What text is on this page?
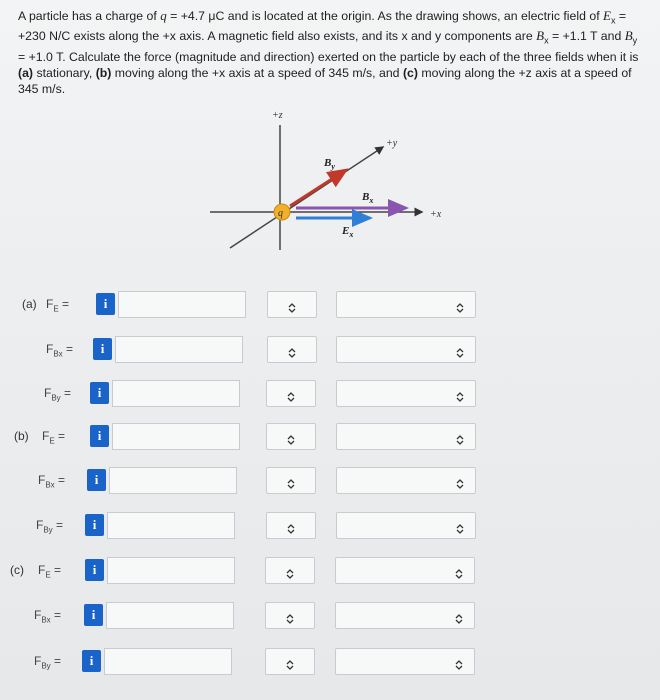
A particle has a charge of q = +4.7 μC and is located at the origin. As the drawing shows, an electric field of $E_x = +230$ N/C exists along the +x axis. A magnetic field also exists, and its x and y components are $B_x = +1.1$ T and $B_y = +1.0$ T. Calculate the force (magnitude and direction) exerted on the particle by each of the three fields when it is (a) stationary, (b) moving along the +x axis at a speed of 345 m/s, and (c) moving along the +z axis at a speed of 345 m/s.

q
+z
+y
+x
$B_y$
$B_x$
$E_x$
(a) $F_E$ =	i
$F_{Bx}$ =	i
$F_{By}$ =	i
(b) $F_E$ =	i
$F_{Bx}$ =	i
$F_{By}$ =	i
(c) $F_E$ =	i
$F_{Bx}$ =	i
$F_{By}$ =	i
